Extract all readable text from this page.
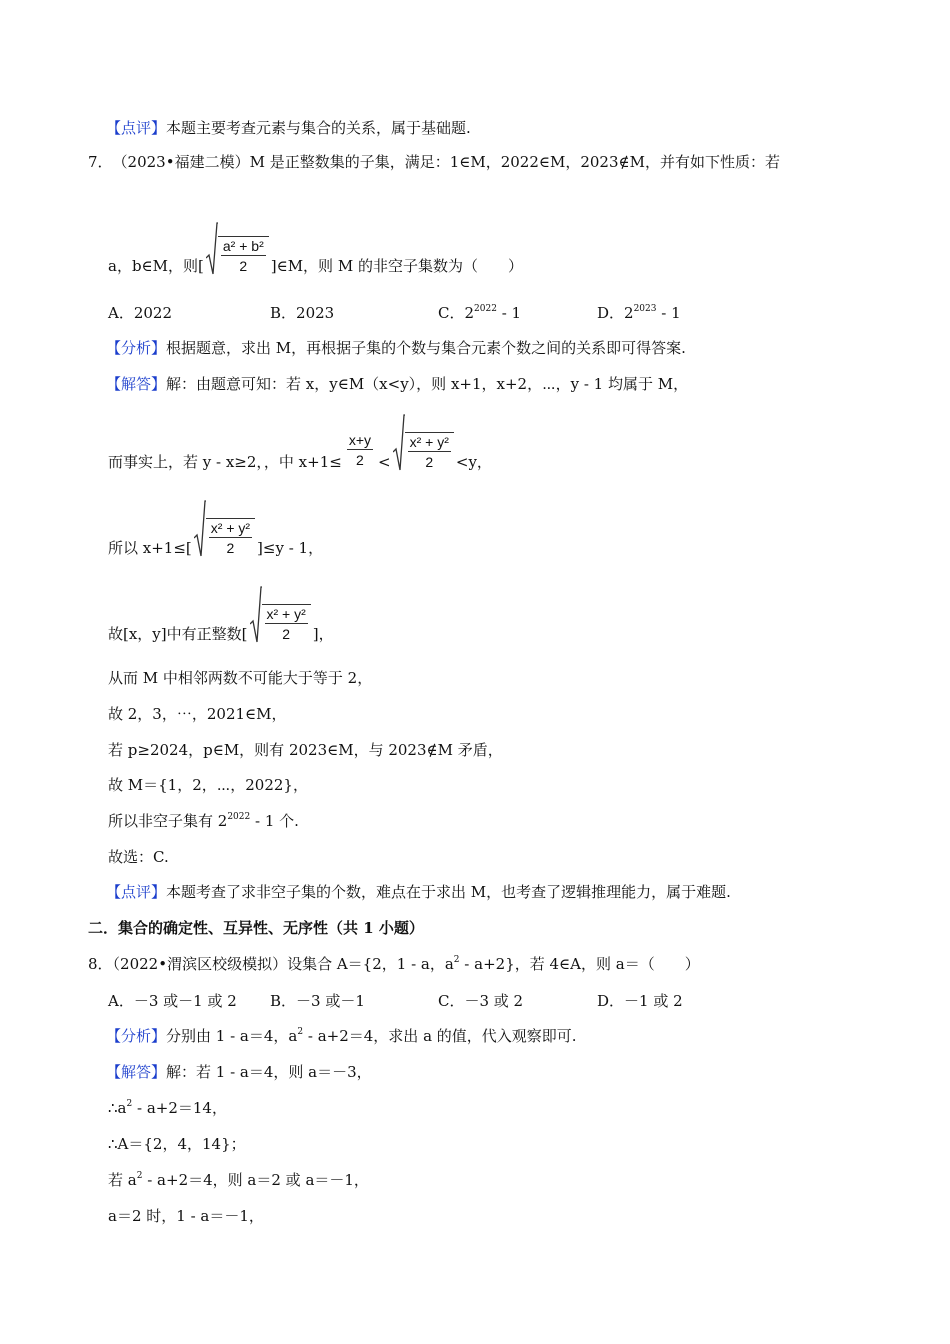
【点评】 本题主要考查元素与集合的关系，属于基础题.
7． （2023•福建二模）M 是正整数集的子集，满足：1∈M，2022∈M，2023∉M，并有如下性质：若
a，b∈M，则[ $\frac{\text{a² + b²}}{2}$ ]∈M，则 M 的非空子集数为（　　）
A．2022	B．2023	C．$2^{2022} - 1$	D．$2^{2023} - 1$
【分析】 根据题意，求出 M，再根据子集的个数与集合元素个数之间的关系即可得答案.
【解答】 解：由题意可知：若 x，y∈M（x<y），则 x+1，x+2，⋯，y - 1 均属于 M，
而事实上，若 y - x≥2，，中 $x+1\le \frac{x+y}{2} < \frac{\text{x² + y²}}{2} <y$，
所以 $x+1\le[ \frac{\text{x² + y²}}{2} ]\le y - 1$，
故[x，y]中有正整数[ $\frac{\text{x² + y²}}{2}$ ]，
从而 M 中相邻两数不可能大于等于 2，
故 2，3，⋯，2021∈M，
若 p≥2024，p∈M，则有 2023∈M，与 2023∉M 矛盾，
故 M＝{1，2，⋯，2022}，
所以非空子集有 $2^{2022} - 1$ 个.
故选：C.
【点评】 本题考查了求非空子集的个数，难点在于求出 M，也考查了逻辑推理能力，属于难题.
二．集合的确定性、互异性、无序性（共 1 小题）
8．（2022•渭滨区校级模拟）设集合 A＝{2，1 - a，$a^2 - a+2$}，若 4∈A，则 a＝（　　）
A．－3 或－1 或 2 B．－3 或－1	C．－3 或 2	D．－1 或 2
【分析】分别由 1 - a＝4，$a^2 - a+2=4$，求出 a 的值，代入观察即可.
【解答】 解：若 1 - a＝4，则 a＝－3，
$\therefore a^2 - a+2=14$，
∴A＝{2，4，14}；
若 $a^2 - a+2=4$，则 a＝2 或 a＝－1，
a＝2 时，1 - a＝－1，
